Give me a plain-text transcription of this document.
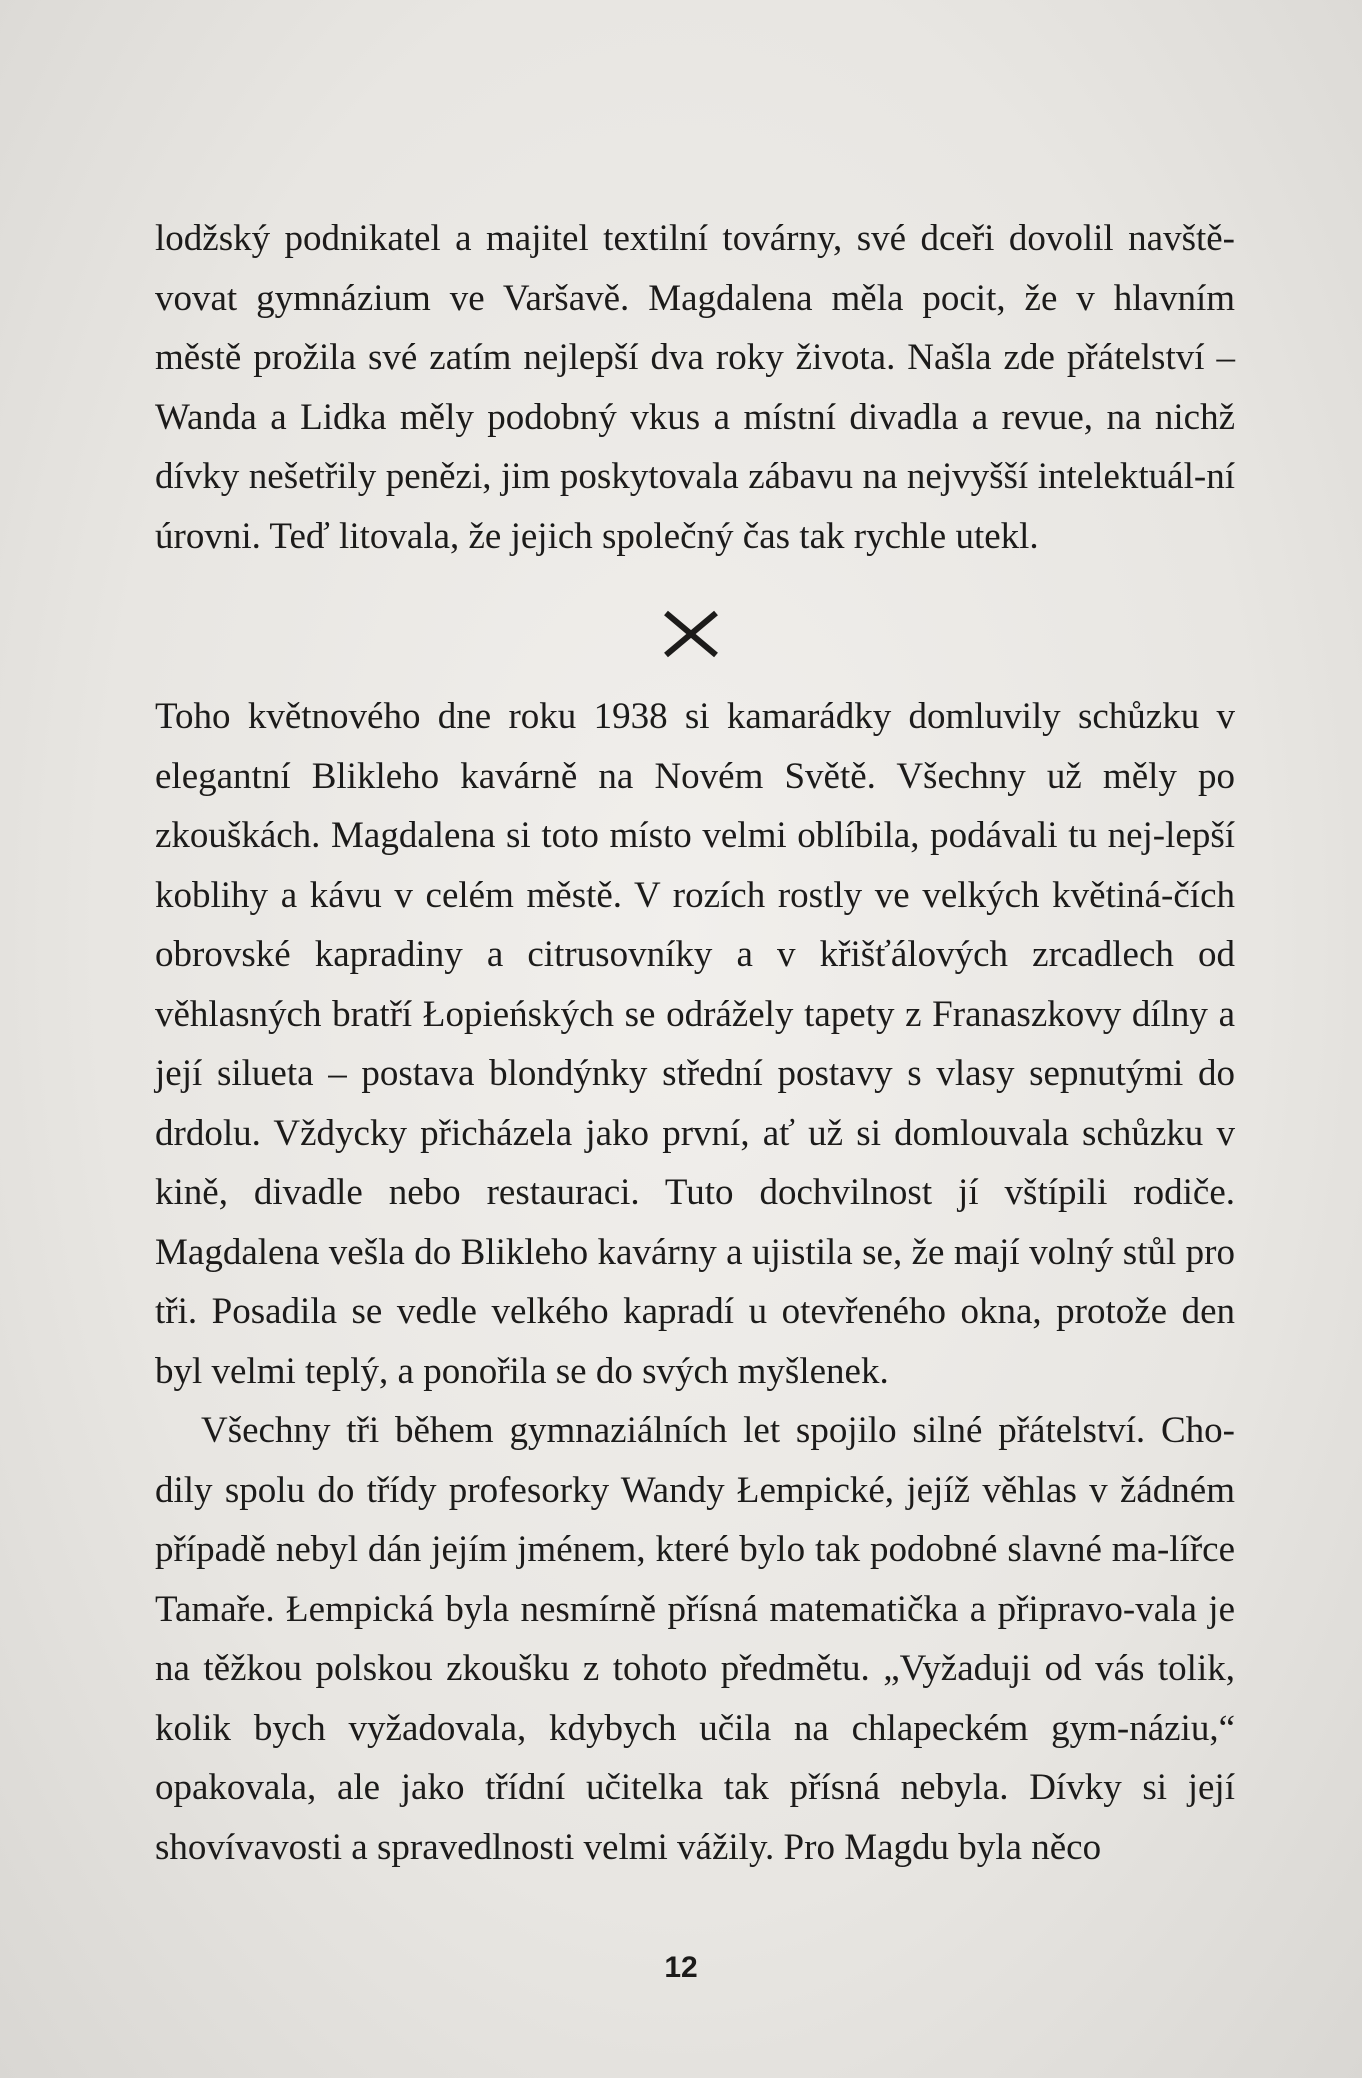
lodžský podnikatel a majitel textilní továrny, své dceři dovolil navště-vovat gymnázium ve Varšavě. Magdalena měla pocit, že v hlavním městě prožila své zatím nejlepší dva roky života. Našla zde přátelství – Wanda a Lidka měly podobný vkus a místní divadla a revue, na nichž dívky nešetřily penězi, jim poskytovala zábavu na nejvyšší intelektuál-ní úrovni. Teď litovala, že jejich společný čas tak rychle utekl.

Toho květnového dne roku 1938 si kamarádky domluvily schůzku v elegantní Blikleho kavárně na Novém Světě. Všechny už měly po zkouškách. Magdalena si toto místo velmi oblíbila, podávali tu nej-lepší koblihy a kávu v celém městě. V rozích rostly ve velkých květiná-čích obrovské kapradiny a citrusovníky a v křišťálových zrcadlech od věhlasných bratří Łopieńských se odrážely tapety z Franaszkovy dílny a její silueta – postava blondýnky střední postavy s vlasy sepnutými do drdolu. Vždycky přicházela jako první, ať už si domlouvala schůzku v kině, divadle nebo restauraci. Tuto dochvilnost jí vštípili rodiče. Magdalena vešla do Blikleho kavárny a ujistila se, že mají volný stůl pro tři. Posadila se vedle velkého kapradí u otevřeného okna, protože den byl velmi teplý, a ponořila se do svých myšlenek.

Všechny tři během gymnaziálních let spojilo silné přátelství. Cho-dily spolu do třídy profesorky Wandy Łempické, jejíž věhlas v žádném případě nebyl dán jejím jménem, které bylo tak podobné slavné ma-lířce Tamaře. Łempická byla nesmírně přísná matematička a připravo-vala je na těžkou polskou zkoušku z tohoto předmětu. „Vyžaduji od vás tolik, kolik bych vyžadovala, kdybych učila na chlapeckém gym-náziu,“ opakovala, ale jako třídní učitelka tak přísná nebyla. Dívky si její shovívavosti a spravedlnosti velmi vážily. Pro Magdu byla něco

12
